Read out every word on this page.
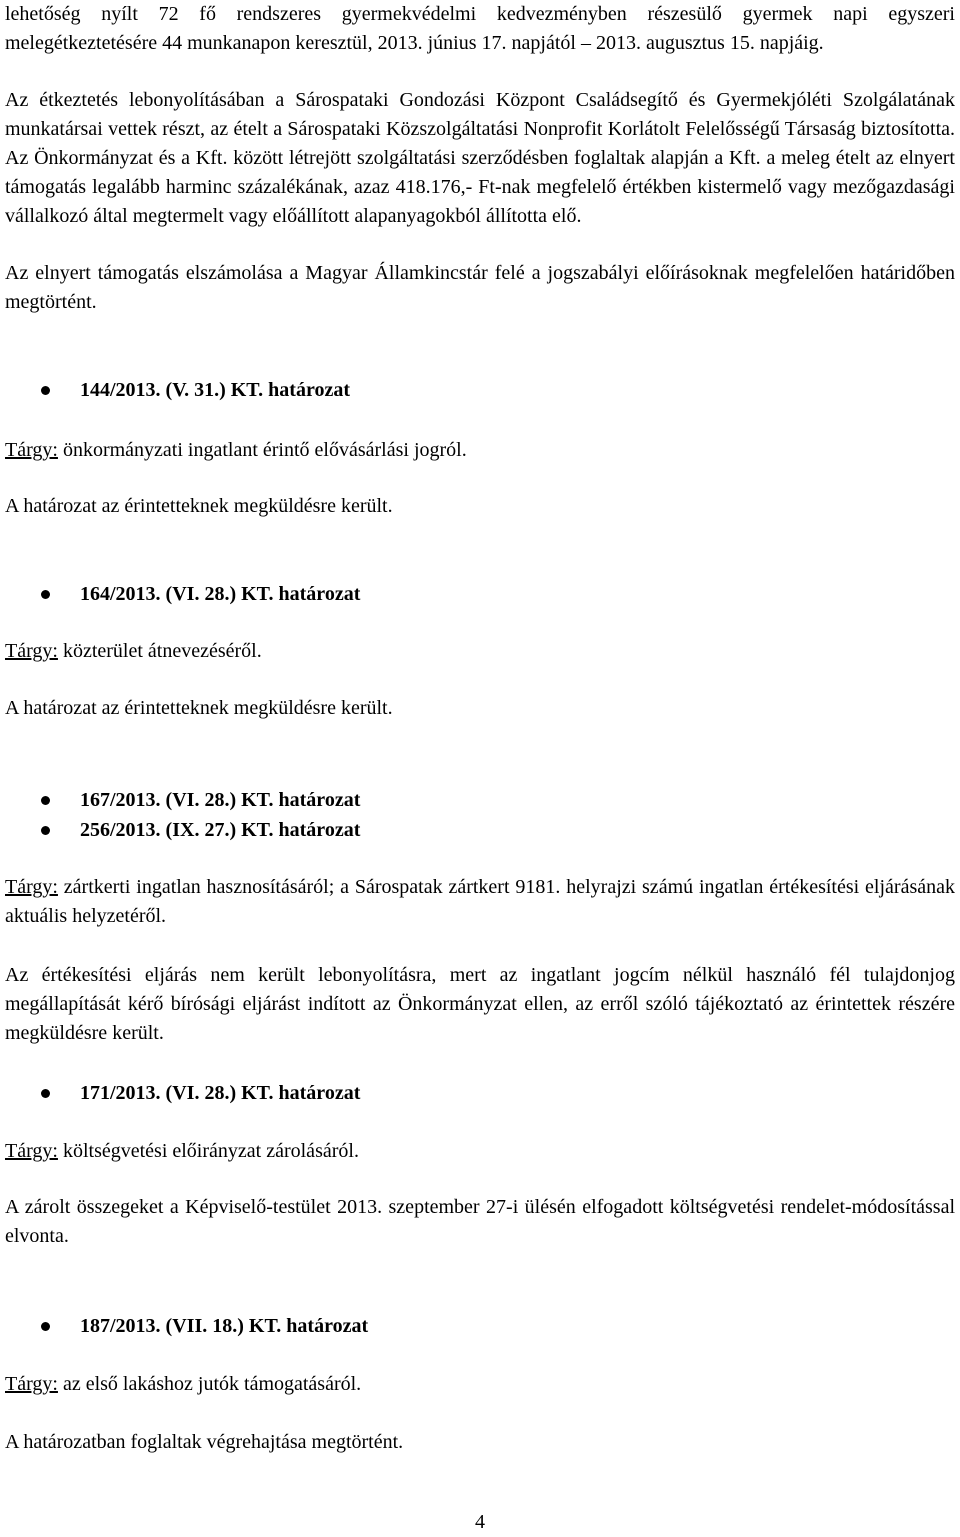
lehetőség nyílt 72 fő rendszeres gyermekvédelmi kedvezményben részesülő gyermek napi egyszeri melegétkeztetésére 44 munkanapon keresztül, 2013. június 17. napjától – 2013. augusztus 15. napjáig.

Az étkeztetés lebonyolításában a Sárospataki Gondozási Központ Családsegítő és Gyermekjóléti Szolgálatának munkatársai vettek részt, az ételt a Sárospataki Közszolgáltatási Nonprofit Korlátolt Felelősségű Társaság biztosította. Az Önkormányzat és a Kft. között létrejött szolgáltatási szerződésben foglaltak alapján a Kft. a meleg ételt az elnyert támogatás legalább harminc százalékának, azaz 418.176,- Ft-nak megfelelő értékben kistermelő vagy mezőgazdasági vállalkozó által megtermelt vagy előállított alapanyagokból állította elő.

Az elnyert támogatás elszámolása a Magyar Államkincstár felé a jogszabályi előírásoknak megfelelően határidőben megtörtént.

144/2013. (V. 31.) KT. határozat

Tárgy: önkormányzati ingatlant érintő elővásárlási jogról.

A határozat az érintetteknek megküldésre került.

164/2013. (VI. 28.) KT. határozat

Tárgy: közterület átnevezéséről.

A határozat az érintetteknek megküldésre került.

167/2013. (VI. 28.) KT. határozat
256/2013. (IX. 27.) KT. határozat

Tárgy: zártkerti ingatlan hasznosításáról; a Sárospatak zártkert 9181. helyrajzi számú ingatlan értékesítési eljárásának aktuális helyzetéről.

Az értékesítési eljárás nem került lebonyolításra, mert az ingatlant jogcím nélkül használó fél tulajdonjog megállapítását kérő bírósági eljárást indított az Önkormányzat ellen, az erről szóló tájékoztató az érintettek részére megküldésre került.

171/2013. (VI. 28.) KT. határozat

Tárgy: költségvetési előirányzat zárolásáról.

A zárolt összegeket a Képviselő-testület 2013. szeptember 27-i ülésén elfogadott költségvetési rendelet-módosítással elvonta.

187/2013. (VII. 18.) KT. határozat

Tárgy: az első lakáshoz jutók támogatásáról.

A határozatban foglaltak végrehajtása megtörtént.

4
